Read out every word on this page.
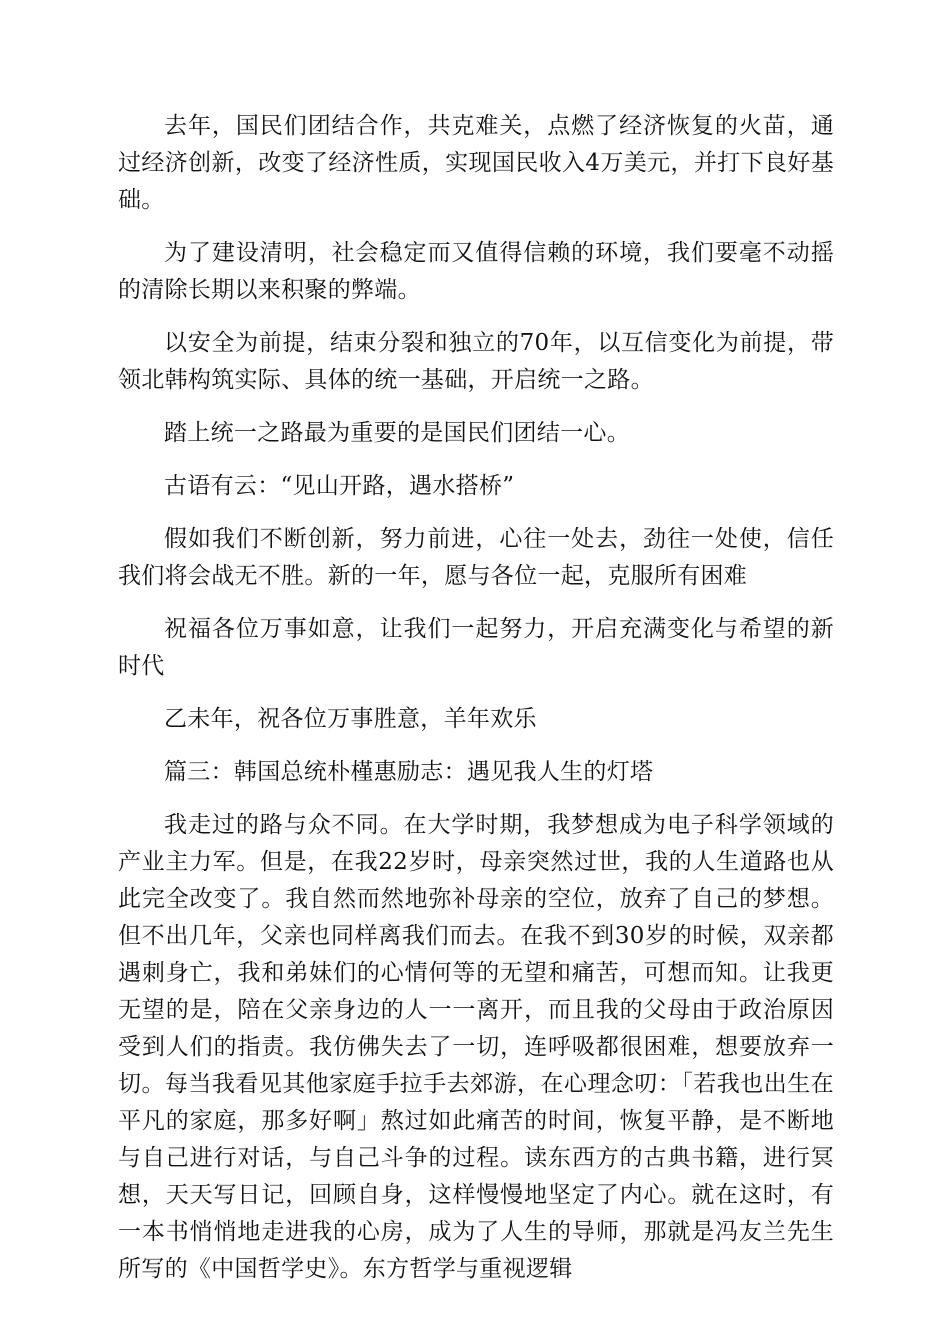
去年，国民们团结合作，共克难关，点燃了经济恢复的火苗，通过经济创新，改变了经济性质，实现国民收入4万美元，并打下良好基础。

为了建设清明，社会稳定而又值得信赖的环境，我们要毫不动摇的清除长期以来积聚的弊端。

以安全为前提，结束分裂和独立的70年，以互信变化为前提，带领北韩构筑实际、具体的统一基础，开启统一之路。

踏上统一之路最为重要的是国民们团结一心。

古语有云：“见山开路，遇水搭桥”

假如我们不断创新，努力前进，心往一处去，劲往一处使，信任我们将会战无不胜。新的一年，愿与各位一起，克服所有困难

祝福各位万事如意，让我们一起努力，开启充满变化与希望的新时代

乙未年，祝各位万事胜意，羊年欢乐

篇三：韩国总统朴槿惠励志：遇见我人生的灯塔

我走过的路与众不同。在大学时期，我梦想成为电子科学领域的产业主力军。但是，在我22岁时，母亲突然过世，我的人生道路也从此完全改变了。我自然而然地弥补母亲的空位，放弃了自己的梦想。但不出几年，父亲也同样离我们而去。在我不到30岁的时候，双亲都遇刺身亡，我和弟妹们的心情何等的无望和痛苦，可想而知。让我更无望的是，陪在父亲身边的人一一离开，而且我的父母由于政治原因受到人们的指责。我仿佛失去了一切，连呼吸都很困难，想要放弃一切。每当我看见其他家庭手拉手去郊游，在心理念叨：「若我也出生在平凡的家庭，那多好啊」熬过如此痛苦的时间，恢复平静，是不断地与自己进行对话，与自己斗争的过程。读东西方的古典书籍，进行冥想，天天写日记，回顾自身，这样慢慢地坚定了内心。就在这时，有一本书悄悄地走进我的心房，成为了人生的导师，那就是冯友兰先生所写的《中国哲学史》。东方哲学与重视逻辑
